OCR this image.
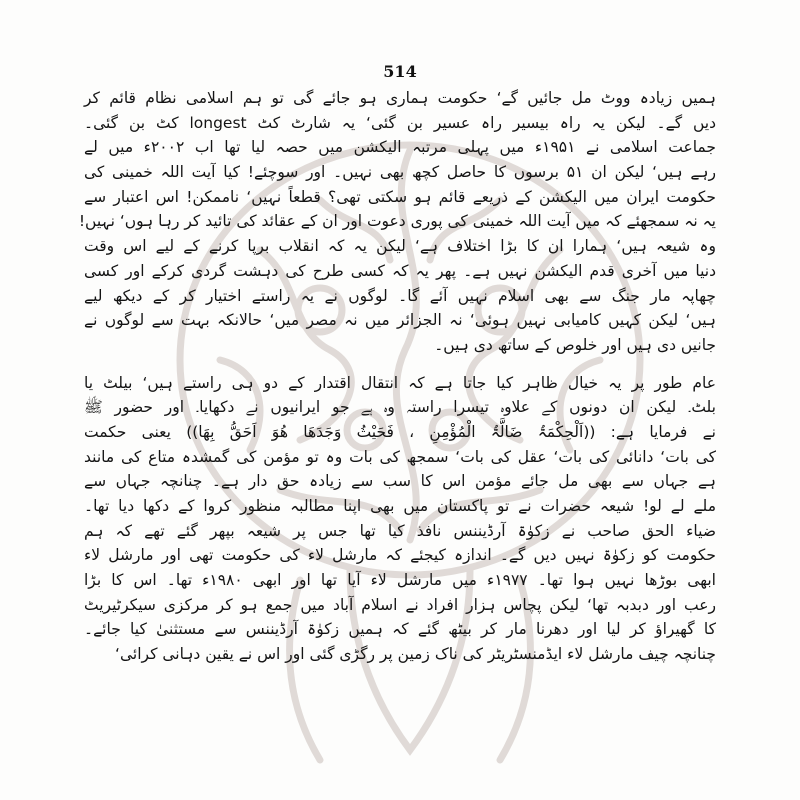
514
ہمیں زیادہ ووٹ مل جائیں گے‘ حکومت ہماری ہو جائے گی تو ہم اسلامی نظام قائم کر
دیں گے۔ لیکن یہ راہ بیسیر راہ عسیر بن گئی‘ یہ شارٹ کٹ longest کٹ بن گئی۔
جماعت اسلامی نے ۱۹۵۱ء میں پہلی مرتبہ الیکشن میں حصہ لیا تھا اب ۲۰۰۲ء میں لے
رہے ہیں‘ لیکن ان ۵۱ برسوں کا حاصل کچھ بھی نہیں۔ اور سوچئے! کیا آیت اللہ خمینی کی
حکومت ایران میں الیکشن کے ذریعے قائم ہو سکتی تھی؟ قطعاً نہیں‘ ناممکن! اس اعتبار سے
یہ نہ سمجھئے کہ میں آیت اللہ خمینی کی پوری دعوت اور ان کے عقائد کی تائید کر رہا ہوں‘ نہیں!
وہ شیعہ ہیں‘ ہمارا ان کا بڑا اختلاف ہے‘ لیکن یہ کہ انقلاب برپا کرنے کے لیے اس وقت
دنیا میں آخری قدم الیکشن نہیں ہے۔ پھر یہ کہ کسی طرح کی دہشت گردی کرکے اور کسی
چھاپہ مار جنگ سے بھی اسلام نہیں آئے گا۔ لوگوں نے یہ راستے اختیار کر کے دیکھ لیے
ہیں‘ لیکن کہیں کامیابی نہیں ہوئی‘ نہ الجزائر میں نہ مصر میں‘ حالانکہ بہت سے لوگوں نے
جانیں دی ہیں اور خلوص کے ساتھ دی ہیں۔
عام طور پر یہ خیال ظاہر کیا جاتا ہے کہ انتقال اقتدار کے دو ہی راستے ہیں‘ بیلٹ یا
بلٹ۔ لیکن ان دونوں کے علاوہ تیسرا راستہ وہ ہے جو ایرانیوں نے دکھایا۔ اور حضور ﷺ
نے فرمایا ہے: ((اَلْحِکْمَۃُ ضَالَّۃُ الْمُؤْمِنِ ، فَحَیْثُ وَجَدَھَا ھُوَ اَحَقُّ بِھَا)) یعنی حکمت
کی بات‘ دانائی کی بات‘ عقل کی بات‘ سمجھ کی بات وہ تو مؤمن کی گمشدہ متاع کی مانند
ہے جہاں سے بھی مل جائے مؤمن اس کا سب سے زیادہ حق دار ہے۔ چنانچہ جہاں سے
ملے لے لو! شیعہ حضرات نے تو پاکستان میں بھی اپنا مطالبہ منظور کروا کے دکھا دیا تھا۔
ضیاء الحق صاحب نے زکوٰۃ آرڈیننس نافذ کیا تھا جس پر شیعہ بپھر گئے تھے کہ ہم
حکومت کو زکوٰۃ نہیں دیں گے۔ اندازہ کیجئے کہ مارشل لاء کی حکومت تھی اور مارشل لاء
ابھی بوڑھا نہیں ہوا تھا۔ ۱۹۷۷ء میں مارشل لاء آیا تھا اور ابھی ۱۹۸۰ء تھا۔ اس کا بڑا
رعب اور دبدبہ تھا‘ لیکن پچاس ہزار افراد نے اسلام آباد میں جمع ہو کر مرکزی سیکرٹیریٹ
کا گھیراؤ کر لیا اور دھرنا مار کر بیٹھ گئے کہ ہمیں زکوٰۃ آرڈیننس سے مستثنیٰ کیا جائے۔
چنانچہ چیف مارشل لاء ایڈمنسٹریٹر کی ناک زمین پر رگڑی گئی اور اس نے یقین دہانی کرائی‘
